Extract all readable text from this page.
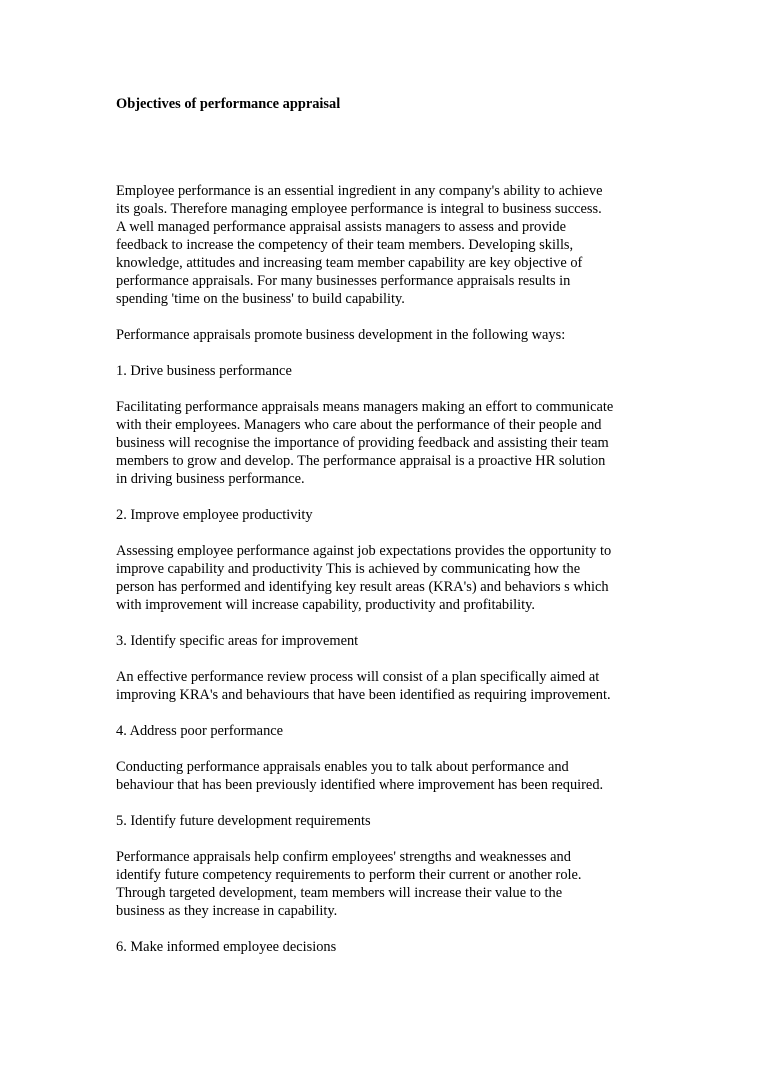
Objectives of performance appraisal

Employee performance is an essential ingredient in any company's ability to achieve
its goals. Therefore managing employee performance is integral to business success.
A well managed performance appraisal assists managers to assess and provide
feedback to increase the competency of their team members. Developing skills,
knowledge, attitudes and increasing team member capability are key objective of
performance appraisals. For many businesses performance appraisals results in
spending 'time on the business' to build capability.

Performance appraisals promote business development in the following ways:

1. Drive business performance

Facilitating performance appraisals means managers making an effort to communicate
with their employees. Managers who care about the performance of their people and
business will recognise the importance of providing feedback and assisting their team
members to grow and develop. The performance appraisal is a proactive HR solution
in driving business performance.

2. Improve employee productivity

Assessing employee performance against job expectations provides the opportunity to
improve capability and productivity This is achieved by communicating how the
person has performed and identifying key result areas (KRA's) and behaviors s which
with improvement will increase capability, productivity and profitability.

3. Identify specific areas for improvement

An effective performance review process will consist of a plan specifically aimed at
improving KRA's and behaviours that have been identified as requiring improvement.

4. Address poor performance

Conducting performance appraisals enables you to talk about performance and
behaviour that has been previously identified where improvement has been required.

5. Identify future development requirements

Performance appraisals help confirm employees' strengths and weaknesses and
identify future competency requirements to perform their current or another role.
Through targeted development, team members will increase their value to the
business as they increase in capability.

6. Make informed employee decisions
